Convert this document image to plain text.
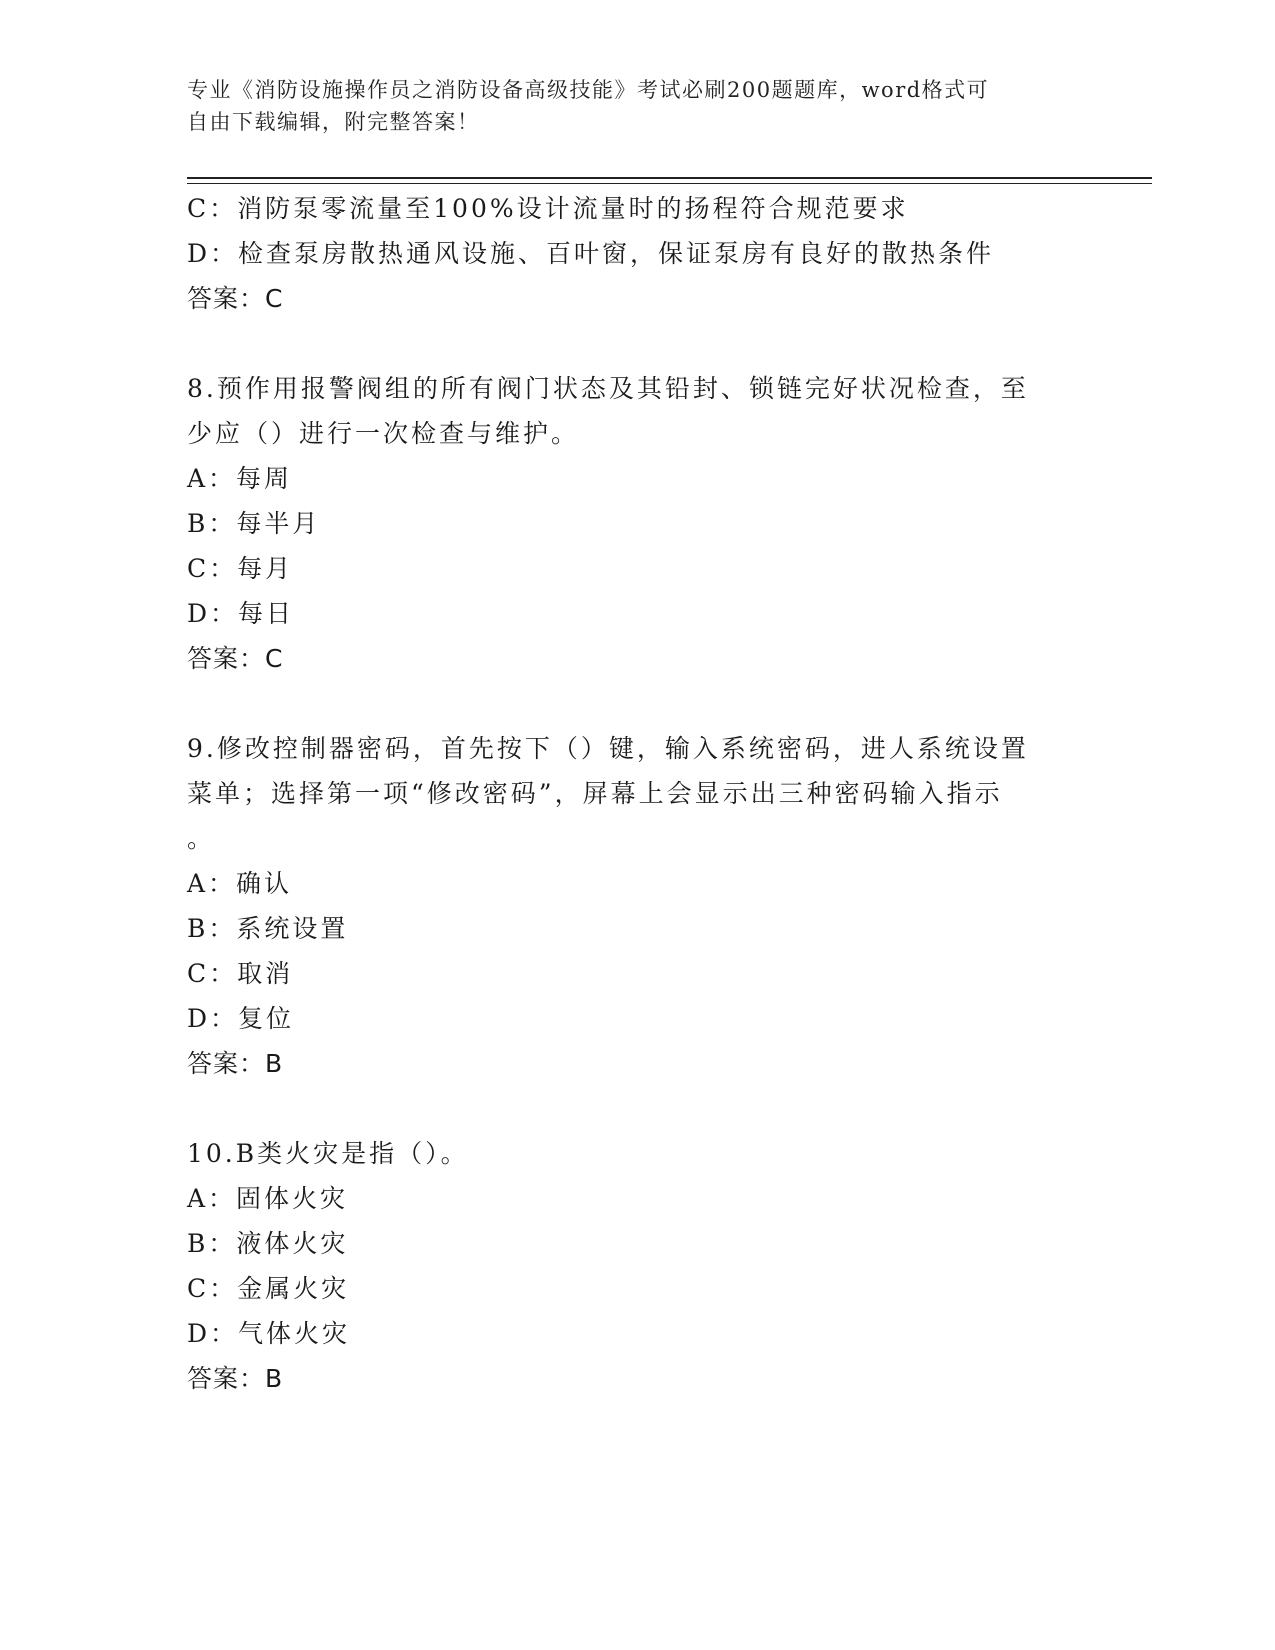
专业《消防设施操作员之消防设备高级技能》考试必刷200题题库，word格式可
自由下载编辑，附完整答案！
C：消防泵零流量至100%设计流量时的扬程符合规范要求
D：检查泵房散热通风设施、百叶窗，保证泵房有良好的散热条件
答案：C
8.预作用报警阀组的所有阀门状态及其铅封、锁链完好状况检查，至
少应（）进行一次检查与维护。
A：每周
B：每半月
C：每月
D：每日
答案：C
9.修改控制器密码，首先按下（）键，输入系统密码，进人系统设置
菜单；选择第一项“修改密码”，屏幕上会显示出三种密码输入指示
。
A：确认
B：系统设置
C：取消
D：复位
答案：B
10.B类火灾是指（）。
A：固体火灾
B：液体火灾
C：金属火灾
D：气体火灾
答案：B
